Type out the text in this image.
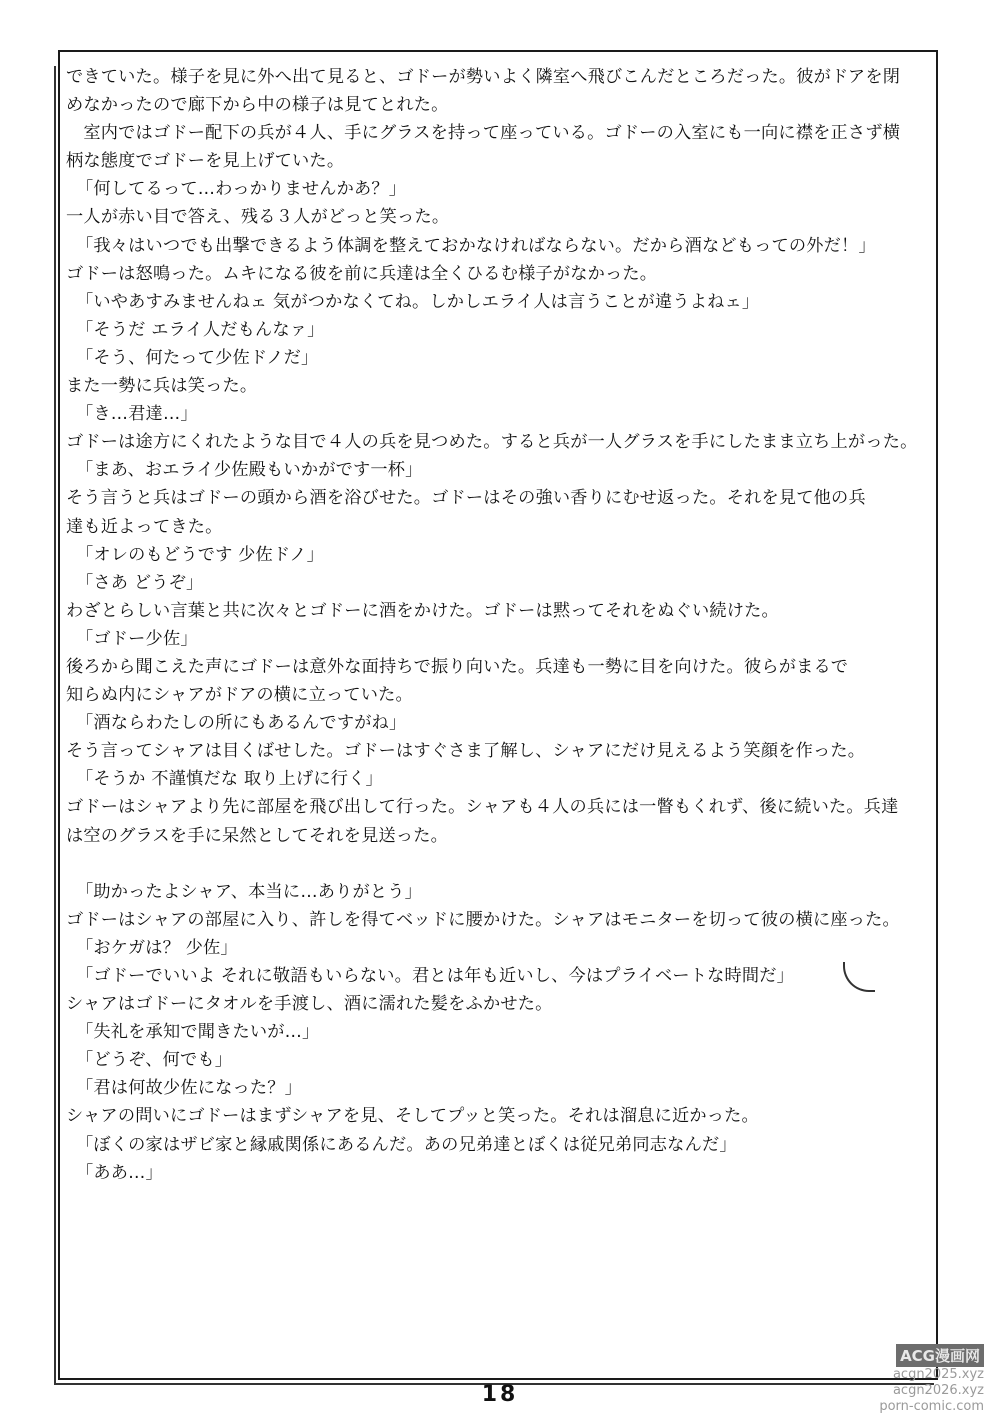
できていた。様子を見に外へ出て見ると、ゴドーが勢いよく隣室へ飛びこんだところだった。彼がドアを閉
めなかったので廊下から中の様子は見てとれた。
　室内ではゴドー配下の兵が４人、手にグラスを持って座っている。ゴドーの入室にも一向に襟を正さず横
柄な態度でゴドーを見上げていた。
「何してるって…わっかりませんかあ？」
一人が赤い目で答え、残る３人がどっと笑った。
「我々はいつでも出撃できるよう体調を整えておかなければならない。だから酒などもっての外だ！」
ゴドーは怒鳴った。ムキになる彼を前に兵達は全くひるむ様子がなかった。
「いやあすみませんねェ 気がつかなくてね。しかしエライ人は言うことが違うよねェ」
「そうだ エライ人だもんなァ」
「そう、何たって少佐ドノだ」
また一勢に兵は笑った。
「き…君達…」
ゴドーは途方にくれたような目で４人の兵を見つめた。すると兵が一人グラスを手にしたまま立ち上がった。
「まあ、おエライ少佐殿もいかがです一杯」
そう言うと兵はゴドーの頭から酒を浴びせた。ゴドーはその強い香りにむせ返った。それを見て他の兵
達も近よってきた。
「オレのもどうです 少佐ドノ」
「さあ どうぞ」
わざとらしい言葉と共に次々とゴドーに酒をかけた。ゴドーは黙ってそれをぬぐい続けた。
「ゴドー少佐」
後ろから聞こえた声にゴドーは意外な面持ちで振り向いた。兵達も一勢に目を向けた。彼らがまるで
知らぬ内にシャアがドアの横に立っていた。
「酒ならわたしの所にもあるんですがね」
そう言ってシャアは目くばせした。ゴドーはすぐさま了解し、シャアにだけ見えるよう笑顔を作った。
「そうか 不謹慎だな 取り上げに行く」
ゴドーはシャアより先に部屋を飛び出して行った。シャアも４人の兵には一瞥もくれず、後に続いた。兵達
は空のグラスを手に呆然としてそれを見送った。
「助かったよシャア、本当に…ありがとう」
ゴドーはシャアの部屋に入り、許しを得てベッドに腰かけた。シャアはモニターを切って彼の横に座った。
「おケガは？ 少佐」
「ゴドーでいいよ それに敬語もいらない。君とは年も近いし、今はプライベートな時間だ」
シャアはゴドーにタオルを手渡し、酒に濡れた髪をふかせた。
「失礼を承知で聞きたいが…」
「どうぞ、何でも」
「君は何故少佐になった？」
シャアの問いにゴドーはまずシャアを見、そしてプッと笑った。それは溜息に近かった。
「ぼくの家はザビ家と縁戚関係にあるんだ。あの兄弟達とぼくは従兄弟同志なんだ」
「ああ…」
18
ACG漫画网
acgn2025.xyz
acgn2026.xyz
porn-comic.com
